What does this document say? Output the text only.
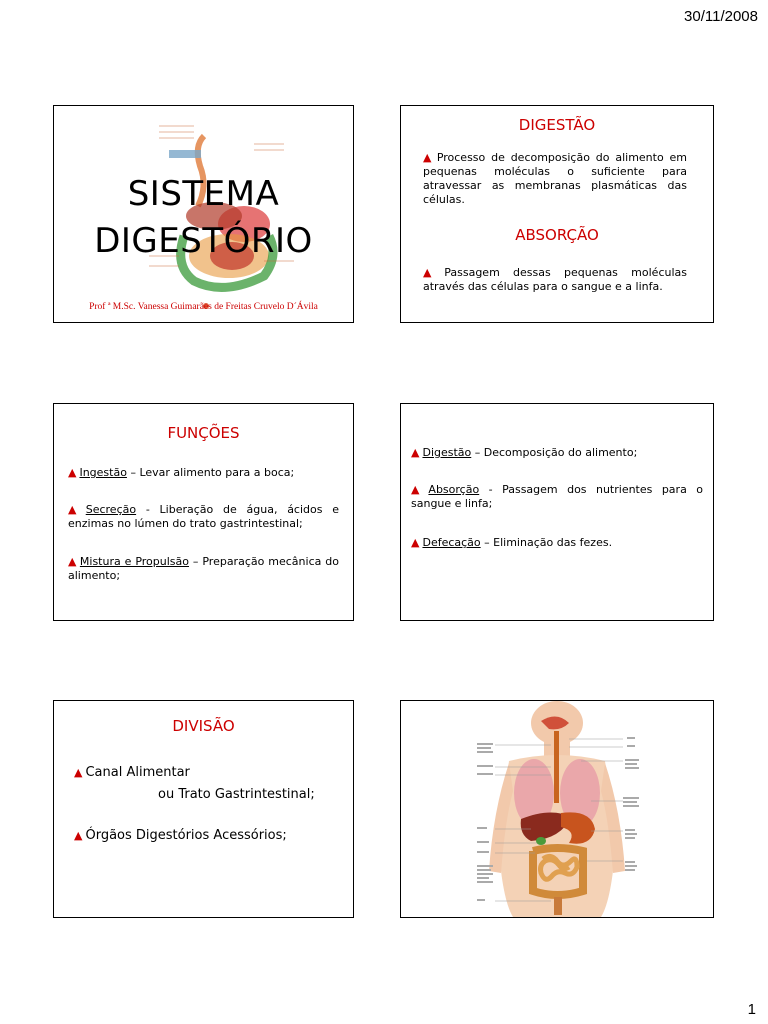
30/11/2008
SISTEMA
DIGESTÓRIO
Prof ª M.Sc. Vanessa Guimarães de Freitas Cruvelo D´Ávila
DIGESTÃO
▲ Processo de decomposição do alimento em pequenas moléculas o suficiente para atravessar as membranas plasmáticas das células.
ABSORÇÃO
▲ Passagem dessas pequenas moléculas através das células para o sangue e a linfa.
FUNÇÕES
▲ Ingestão – Levar alimento para a boca;
▲ Secreção - Liberação de água, ácidos e enzimas no lúmen do trato gastrintestinal;
▲ Mistura e Propulsão – Preparação mecânica do alimento;
▲ Digestão – Decomposição do alimento;
▲ Absorção - Passagem dos nutrientes para o sangue e linfa;
▲ Defecação – Eliminação das fezes.
DIVISÃO
▲ Canal Alimentar
ou Trato Gastrintestinal;
▲ Órgãos Digestórios Acessórios;
1
